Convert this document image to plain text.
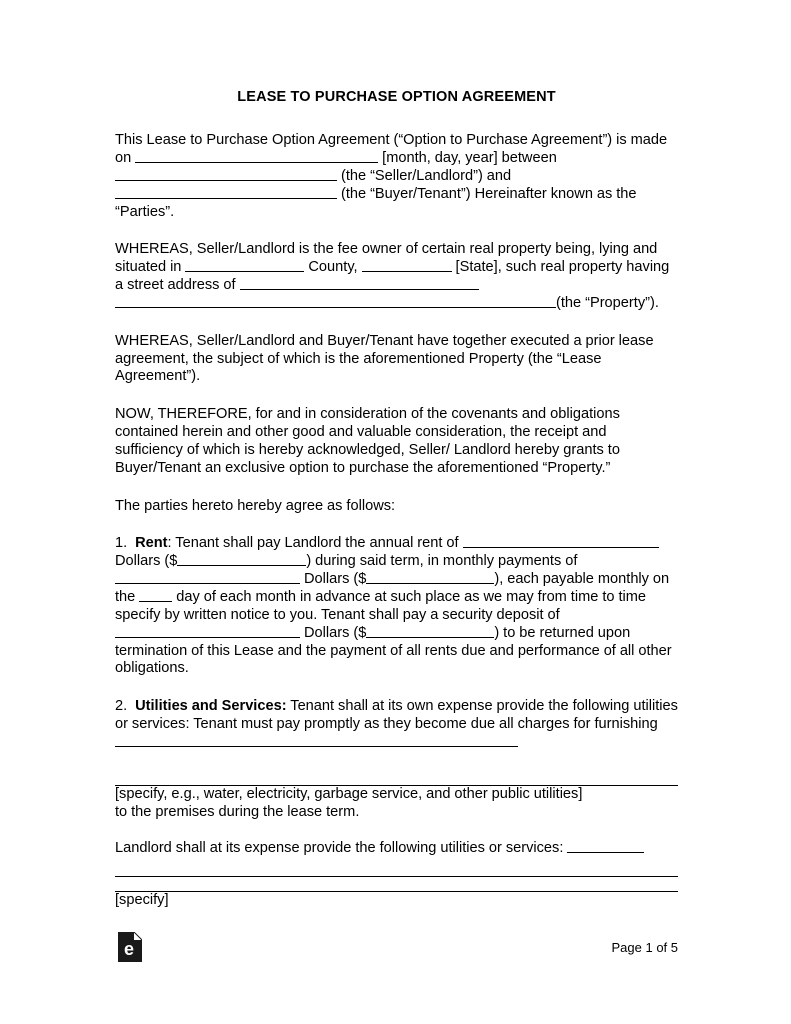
LEASE TO PURCHASE OPTION AGREEMENT

This Lease to Purchase Option Agreement (“Option to Purchase Agreement”) is made on	[month, day, year] between
(the “Seller/Landlord”) and
(the “Buyer/Tenant”) Hereinafter known as the “Parties”.

WHEREAS, Seller/Landlord is the fee owner of certain real property being, lying and situated in	County,	[State], such real property having a street address of  (the “Property”).

WHEREAS, Seller/Landlord and Buyer/Tenant have together executed a prior lease agreement, the subject of which is the aforementioned Property (the “Lease Agreement”).

NOW, THEREFORE, for and in consideration of the covenants and obligations contained herein and other good and valuable consideration, the receipt and sufficiency of which is hereby acknowledged, Seller/ Landlord hereby grants to Buyer/Tenant an exclusive option to purchase the aforementioned “Property.”

The parties hereto hereby agree as follows:

1. Rent: Tenant shall pay Landlord the annual rent of  Dollars ($	) during said term, in monthly payments of
Dollars ($	), each payable monthly on the	day of each month in advance at such place as we may from time to time specify by written notice to you. Tenant shall pay a security deposit of
Dollars ($	) to be returned upon termination of this Lease and the payment of all rents due and performance of all other obligations.

2. Utilities and Services: Tenant shall at its own expense provide the following utilities or services: Tenant must pay promptly as they become due all charges for furnishing

[specify, e.g., water, electricity, garbage service, and other public utilities]
to the premises during the lease term.

Landlord shall at its expense provide the following utilities or services:

[specify]

e	Page 1 of 5
